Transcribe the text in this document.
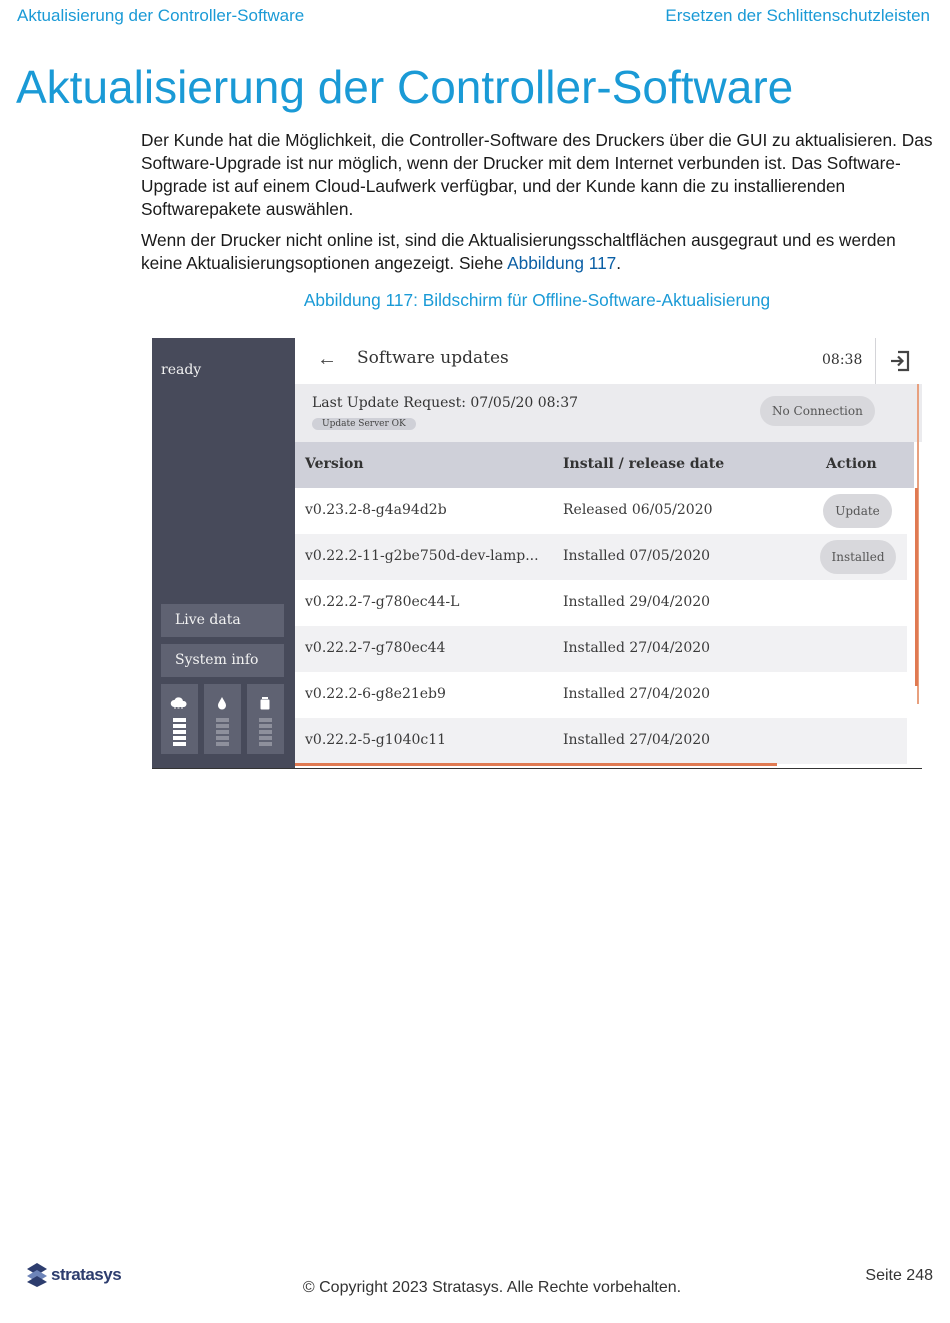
Aktualisierung der Controller-Software	Ersetzen der Schlittenschutzleisten
Aktualisierung der Controller-Software

Der Kunde hat die Möglichkeit, die Controller-Software des Druckers über die GUI zu aktualisieren. Das Software-Upgrade ist nur möglich, wenn der Drucker mit dem Internet verbunden ist. Das Software-Upgrade ist auf einem Cloud-Laufwerk verfügbar, und der Kunde kann die zu installierenden Softwarepakete auswählen.

Wenn der Drucker nicht online ist, sind die Aktualisierungsschaltflächen ausgegraut und es werden keine Aktualisierungsoptionen angezeigt. Siehe Abbildung 117.

Abbildung 117: Bildschirm für Offline-Software-Aktualisierung
ready
Live data
System info
← Software updates	08:38
Last Update Request: 07/05/20 08:37
Update Server OK
No Connection
Version	Install / release date	Action
v0.23.2-8-g4a94d2b	Released 06/05/2020	Update
v0.22.2-11-g2be750d-dev-lamp... Installed 07/05/2020	Installed
v0.22.2-7-g780ec44-L	Installed 29/04/2020
v0.22.2-7-g780ec44	Installed 27/04/2020
v0.22.2-6-g8e21eb9	Installed 27/04/2020
v0.22.2-5-g1040c11	Installed 27/04/2020
stratasys
© Copyright 2023 Stratasys. Alle Rechte vorbehalten.
Seite 248
